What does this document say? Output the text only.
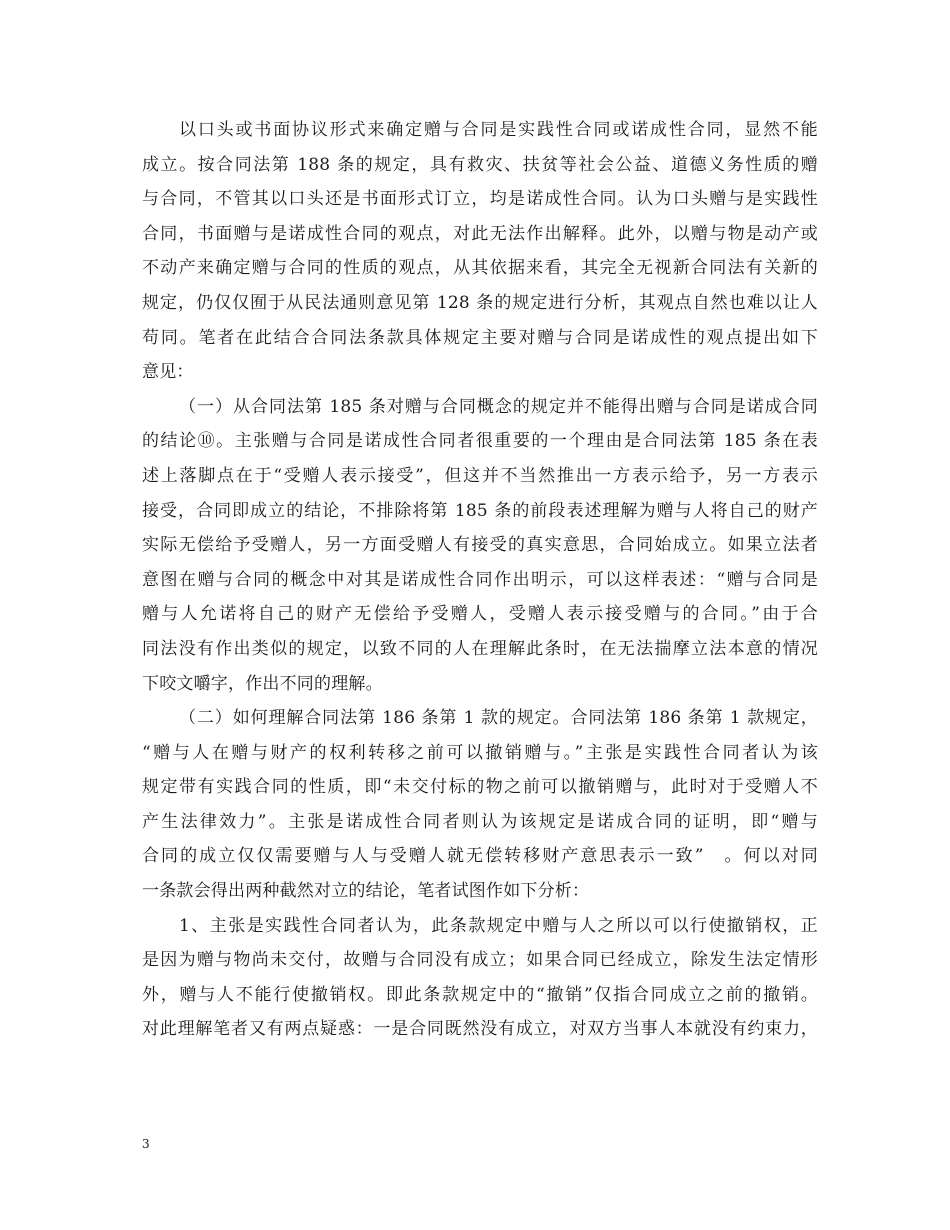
以口头或书面协议形式来确定赠与合同是实践性合同或诺成性合同，显然不能
成立。按合同法第 188 条的规定，具有救灾、扶贫等社会公益、道德义务性质的赠
与合同，不管其以口头还是书面形式订立，均是诺成性合同。认为口头赠与是实践性
合同，书面赠与是诺成性合同的观点，对此无法作出解释。此外，以赠与物是动产或
不动产来确定赠与合同的性质的观点，从其依据来看，其完全无视新合同法有关新的
规定，仍仅仅囿于从民法通则意见第 128 条的规定进行分析，其观点自然也难以让人
苟同。笔者在此结合合同法条款具体规定主要对赠与合同是诺成性的观点提出如下
意见：
（一）从合同法第 185 条对赠与合同概念的规定并不能得出赠与合同是诺成合同
的结论⑩。主张赠与合同是诺成性合同者很重要的一个理由是合同法第 185 条在表
述上落脚点在于“受赠人表示接受”，但这并不当然推出一方表示给予，另一方表示
接受，合同即成立的结论，不排除将第 185 条的前段表述理解为赠与人将自己的财产
实际无偿给予受赠人，另一方面受赠人有接受的真实意思，合同始成立。如果立法者
意图在赠与合同的概念中对其是诺成性合同作出明示，可以这样表述：“赠与合同是
赠与人允诺将自己的财产无偿给予受赠人，受赠人表示接受赠与的合同。”由于合
同法没有作出类似的规定，以致不同的人在理解此条时，在无法揣摩立法本意的情况
下咬文嚼字，作出不同的理解。
（二）如何理解合同法第 186 条第 1 款的规定。合同法第 186 条第 1 款规定，
“赠与人在赠与财产的权利转移之前可以撤销赠与。”主张是实践性合同者认为该
规定带有实践合同的性质，即“未交付标的物之前可以撤销赠与，此时对于受赠人不
产生法律效力”。主张是诺成性合同者则认为该规定是诺成合同的证明，即“赠与
合同的成立仅仅需要赠与人与受赠人就无偿转移财产意思表示一致”　。何以对同
一条款会得出两种截然对立的结论，笔者试图作如下分析：
1、主张是实践性合同者认为，此条款规定中赠与人之所以可以行使撤销权，正
是因为赠与物尚未交付，故赠与合同没有成立；如果合同已经成立，除发生法定情形
外，赠与人不能行使撤销权。即此条款规定中的“撤销”仅指合同成立之前的撤销。
对此理解笔者又有两点疑惑：一是合同既然没有成立，对双方当事人本就没有约束力，
3
